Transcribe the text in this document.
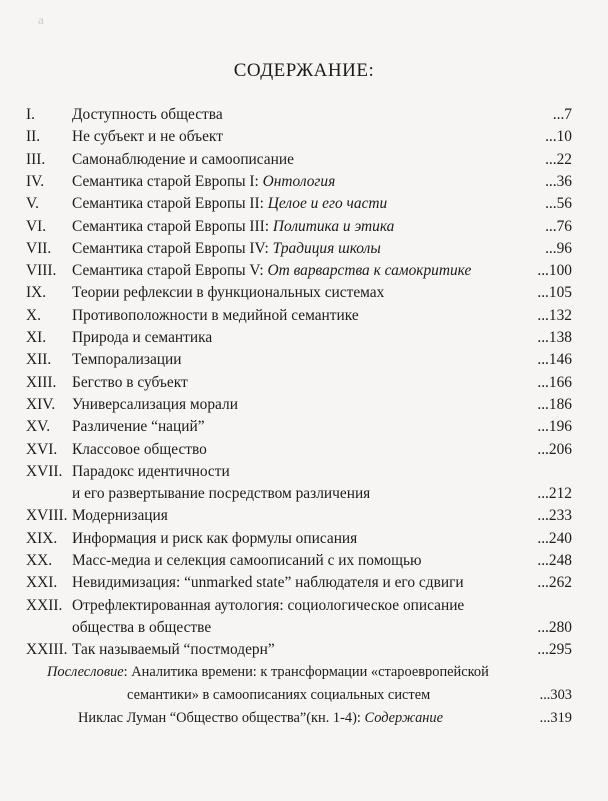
a
СОДЕРЖАНИЕ:
I. Доступность общества	...7
II. Не субъект и не объект	...10
III. Самонаблюдение и самоописание	...22
IV. Семантика старой Европы I: Онтология	...36
V. Семантика старой Европы II: Целое и его части	...56
VI. Семантика старой Европы III: Политика и этика	...76
VII. Семантика старой Европы IV: Традиция школы	...96
VIII. Семантика старой Европы V: От варварства к самокритике	...100
IX. Теории рефлексии в функциональных системах	...105
X. Противоположности в медийной семантике	...132
XI. Природа и семантика	...138
XII. Темпорализации	...146
XIII. Бегство в субъект	...166
XIV. Универсализация морали	...186
XV. Различение “наций”	...196
XVI. Классовое общество	...206
XVII. Парадокс идентичности
и его развертывание посредством различения	...212
XVIII. Модернизация	...233
XIX. Информация и риск как формулы описания	...240
XX. Масс-медиа и селекция самоописаний с их помощью	...248
XXI. Невидимизация: “unmarked state” наблюдателя и его сдвиги	...262
XXII. Отрефлектированная аутология: социологическое описание
общества в обществе	...280
XXIII. Так называемый “постмодерн”	...295
Послесловие: Аналитика времени: к трансформации «староевропейской
семантики» в самоописаниях социальных систем	...303
Никлас Луман “Общество общества”(кн. 1-4): Содержание	...319
